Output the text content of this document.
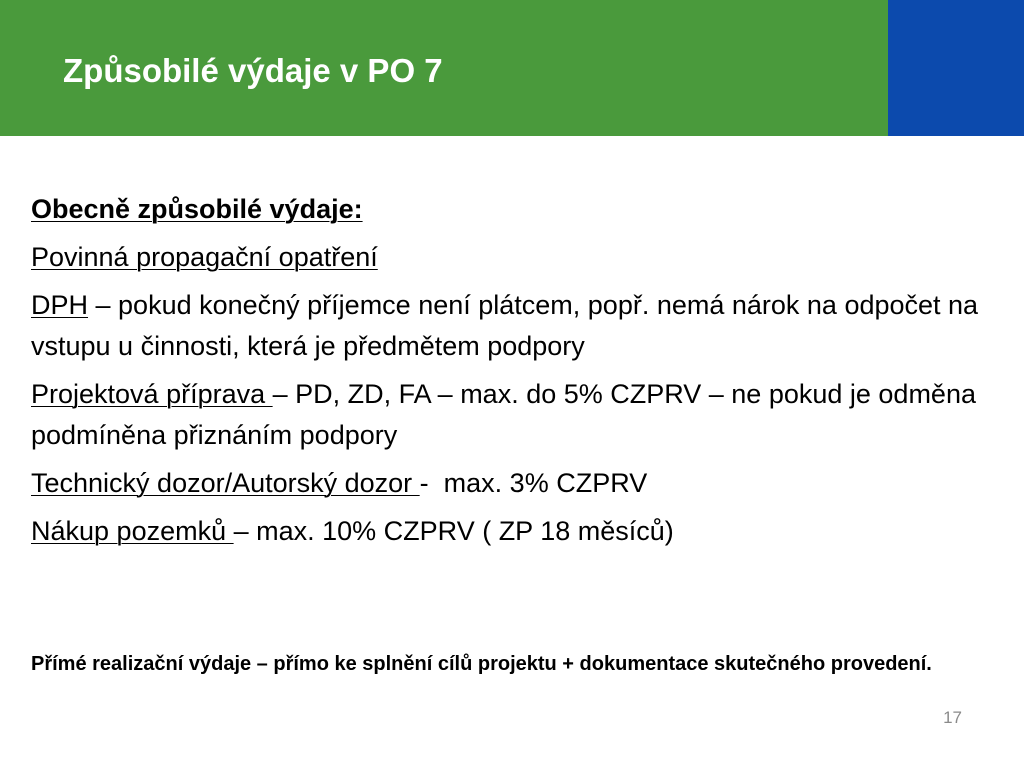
Způsobilé výdaje v PO 7

Obecně způsobilé výdaje:

Povinná propagační opatření

DPH – pokud konečný příjemce není plátcem, popř. nemá nárok na odpočet na vstupu u činnosti, která je předmětem podpory

Projektová příprava – PD, ZD, FA – max. do 5% CZPRV – ne pokud je odměna podmíněna přiznáním podpory

Technický dozor/Autorský dozor -  max. 3% CZPRV

Nákup pozemků – max. 10% CZPRV ( ZP 18 měsíců)

Přímé realizační výdaje – přímo ke splnění cílů projektu + dokumentace skutečného provedení.

17
